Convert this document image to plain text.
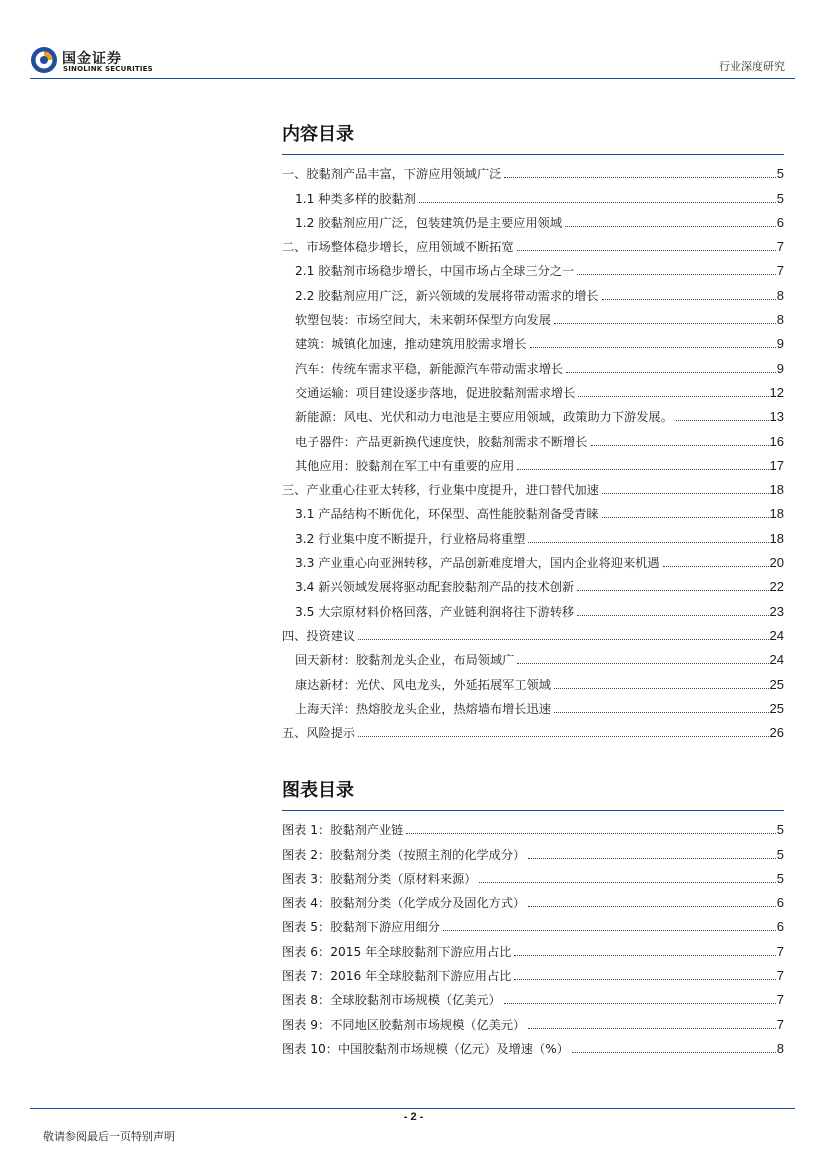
国金证券
SINOLINK SECURITIES	行业深度研究
内容目录
一、胶黏剂产品丰富，下游应用领域广泛	5
1.1 种类多样的胶黏剂	5
1.2 胶黏剂应用广泛，包装建筑仍是主要应用领域	6
二、市场整体稳步增长，应用领域不断拓宽	7
2.1 胶黏剂市场稳步增长，中国市场占全球三分之一	7
2.2 胶黏剂应用广泛，新兴领域的发展将带动需求的增长	8
软塑包装：市场空间大，未来朝环保型方向发展	8
建筑：城镇化加速，推动建筑用胶需求增长	9
汽车：传统车需求平稳，新能源汽车带动需求增长	9
交通运输：项目建设逐步落地，促进胶黏剂需求增长	12
新能源：风电、光伏和动力电池是主要应用领域，政策助力下游发展。	13
电子器件：产品更新换代速度快，胶黏剂需求不断增长	16
其他应用：胶黏剂在军工中有重要的应用	17
三、产业重心往亚太转移，行业集中度提升，进口替代加速	18
3.1 产品结构不断优化，环保型、高性能胶黏剂备受青睐	18
3.2 行业集中度不断提升，行业格局将重塑	18
3.3 产业重心向亚洲转移，产品创新难度增大，国内企业将迎来机遇	20
3.4 新兴领域发展将驱动配套胶黏剂产品的技术创新	22
3.5 大宗原材料价格回落，产业链利润将往下游转移	23
四、投资建议	24
回天新材：胶黏剂龙头企业，布局领域广	24
康达新材：光伏、风电龙头，外延拓展军工领域	25
上海天洋：热熔胶龙头企业，热熔墙布增长迅速	25
五、风险提示	26
图表目录
图表 1：胶黏剂产业链	5
图表 2：胶黏剂分类（按照主剂的化学成分）	5
图表 3：胶黏剂分类（原材料来源）	5
图表 4：胶黏剂分类（化学成分及固化方式）	6
图表 5：胶黏剂下游应用细分	6
图表 6：2015 年全球胶黏剂下游应用占比	7
图表 7：2016 年全球胶黏剂下游应用占比	7
图表 8：全球胶黏剂市场规模（亿美元）	7
图表 9：不同地区胶黏剂市场规模（亿美元）	7
图表 10：中国胶黏剂市场规模（亿元）及增速（%）	8
- 2 -
敬请参阅最后一页特别声明
